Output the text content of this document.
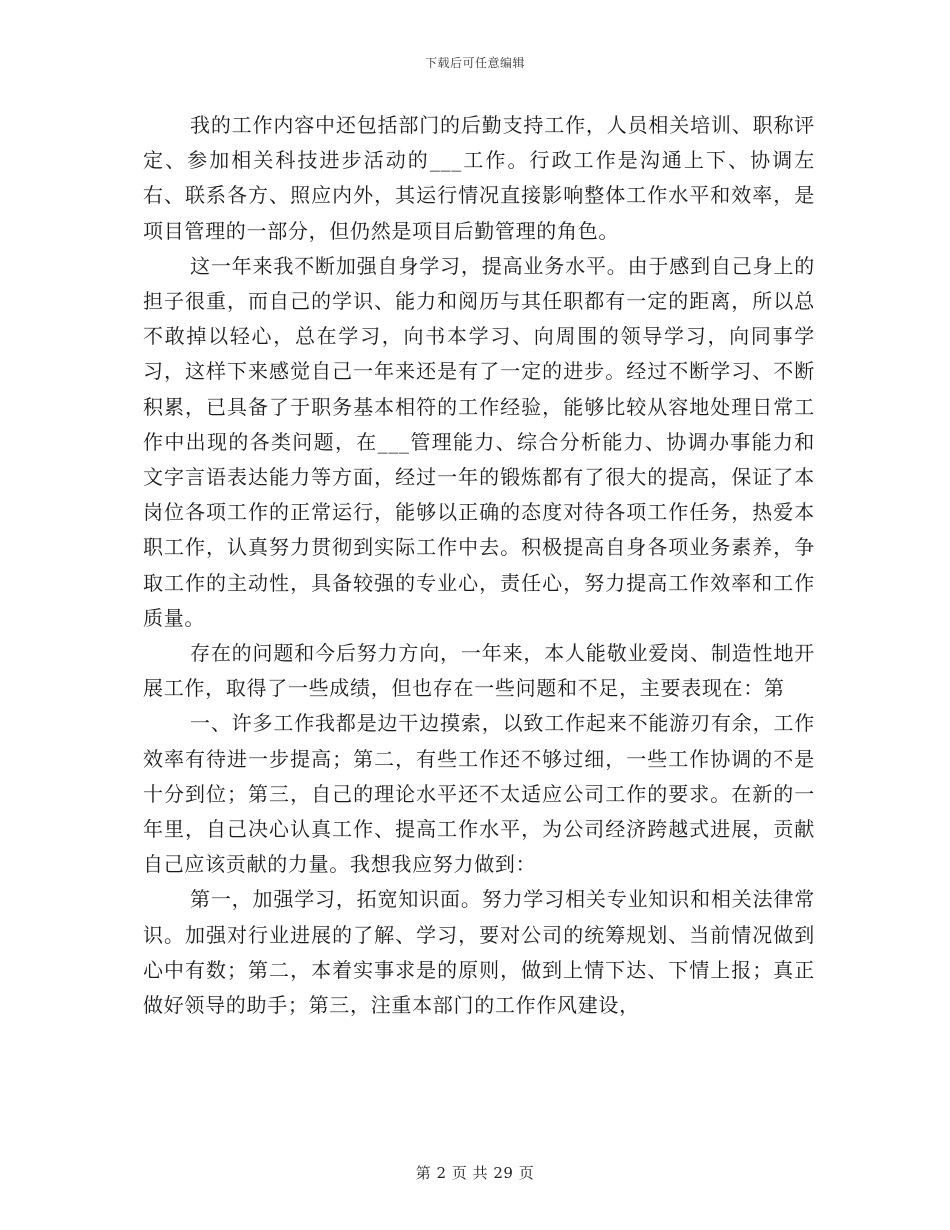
下载后可任意编辑

我的工作内容中还包括部门的后勤支持工作，人员相关培训、职称评定、参加相关科技进步活动的___工作。行政工作是沟通上下、协调左右、联系各方、照应内外，其运行情况直接影响整体工作水平和效率，是项目管理的一部分，但仍然是项目后勤管理的角色。

这一年来我不断加强自身学习，提高业务水平。由于感到自己身上的担子很重，而自己的学识、能力和阅历与其任职都有一定的距离，所以总不敢掉以轻心，总在学习，向书本学习、向周围的领导学习，向同事学习，这样下来感觉自己一年来还是有了一定的进步。经过不断学习、不断积累，已具备了于职务基本相符的工作经验，能够比较从容地处理日常工作中出现的各类问题，在___管理能力、综合分析能力、协调办事能力和文字言语表达能力等方面，经过一年的锻炼都有了很大的提高，保证了本岗位各项工作的正常运行，能够以正确的态度对待各项工作任务，热爱本职工作，认真努力贯彻到实际工作中去。积极提高自身各项业务素养，争取工作的主动性，具备较强的专业心，责任心，努力提高工作效率和工作质量。

存在的问题和今后努力方向，一年来，本人能敬业爱岗、制造性地开展工作，取得了一些成绩，但也存在一些问题和不足，主要表现在：第

一、许多工作我都是边干边摸索，以致工作起来不能游刃有余，工作效率有待进一步提高；第二，有些工作还不够过细，一些工作协调的不是十分到位；第三，自己的理论水平还不太适应公司工作的要求。在新的一年里，自己决心认真工作、提高工作水平，为公司经济跨越式进展，贡献自己应该贡献的力量。我想我应努力做到：

第一，加强学习，拓宽知识面。努力学习相关专业知识和相关法律常识。加强对行业进展的了解、学习，要对公司的统筹规划、当前情况做到心中有数；第二，本着实事求是的原则，做到上情下达、下情上报；真正做好领导的助手；第三，注重本部门的工作作风建设，

第 2 页 共 29 页
